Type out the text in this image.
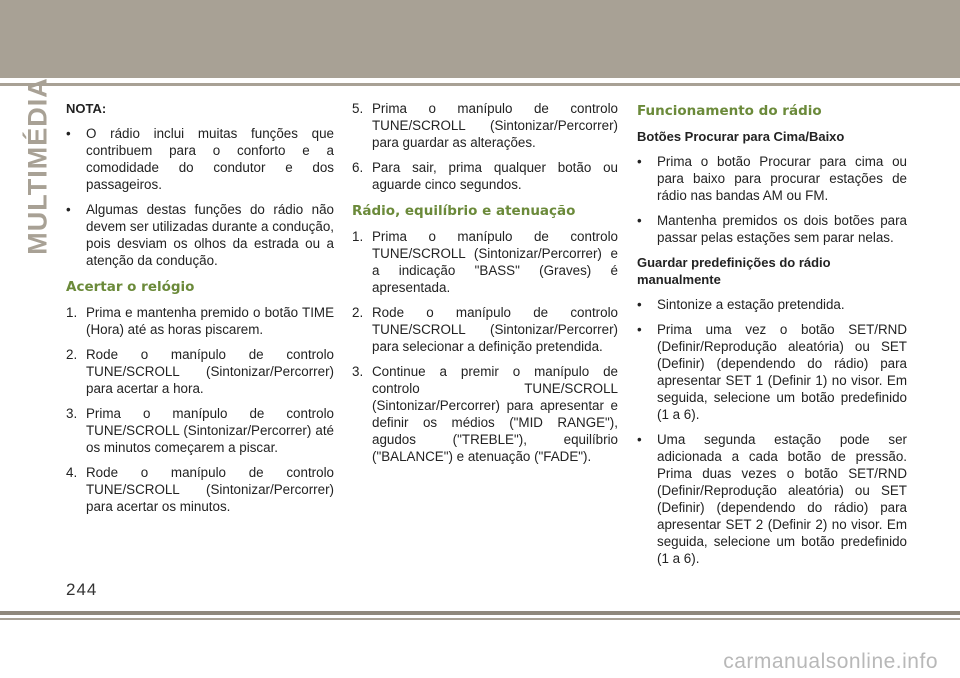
MULTIMÉDIA NOTA:

• O rádio inclui muitas funções que contribuem para o conforto e a comodidade do condutor e dos passageiros.

• Algumas destas funções do rádio não devem ser utilizadas durante a condução, pois desviam os olhos da estrada ou a atenção da condução.

Acertar o relógio

1. Prima e mantenha premido o botão TIME (Hora) até as horas piscarem.

2. Rode o manípulo de controlo TUNE/SCROLL (Sintonizar/Percorrer) para acertar a hora.

3. Prima o manípulo de controlo TUNE/SCROLL (Sintonizar/Percorrer) até os minutos começarem a piscar.

4. Rode o manípulo de controlo TUNE/SCROLL (Sintonizar/Percorrer) para acertar os minutos.

5. Prima o manípulo de controlo TUNE/SCROLL (Sintonizar/Percorrer) para guardar as alterações.

6. Para sair, prima qualquer botão ou aguarde cinco segundos.

Rádio, equilíbrio e atenuação

1. Prima o manípulo de controlo TUNE/SCROLL (Sintonizar/Percorrer) e a indicação "BASS" (Graves) é apresentada.

2. Rode o manípulo de controlo TUNE/SCROLL (Sintonizar/Percorrer) para selecionar a definição pretendida.

3. Continue a premir o manípulo de controlo TUNE/SCROLL (Sintonizar/Percorrer) para apresentar e definir os médios ("MID RANGE"), agudos ("TREBLE"), equilíbrio ("BALANCE") e atenuação ("FADE").

Funcionamento do rádio

Botões Procurar para Cima/Baixo

• Prima o botão Procurar para cima ou para baixo para procurar estações de rádio nas bandas AM ou FM.

• Mantenha premidos os dois botões para passar pelas estações sem parar nelas.

Guardar predefinições do rádio manualmente

• Sintonize a estação pretendida.

• Prima uma vez o botão SET/RND (Definir/Reprodução aleatória) ou SET (Definir) (dependendo do rádio) para apresentar SET 1 (Definir 1) no visor. Em seguida, selecione um botão predefinido (1 a 6).

• Uma segunda estação pode ser adicionada a cada botão de pressão. Prima duas vezes o botão SET/RND (Definir/Reprodução aleatória) ou SET (Definir) (dependendo do rádio) para apresentar SET 2 (Definir 2) no visor. Em seguida, selecione um botão predefinido (1 a 6).

244
carmanualsonline.info
